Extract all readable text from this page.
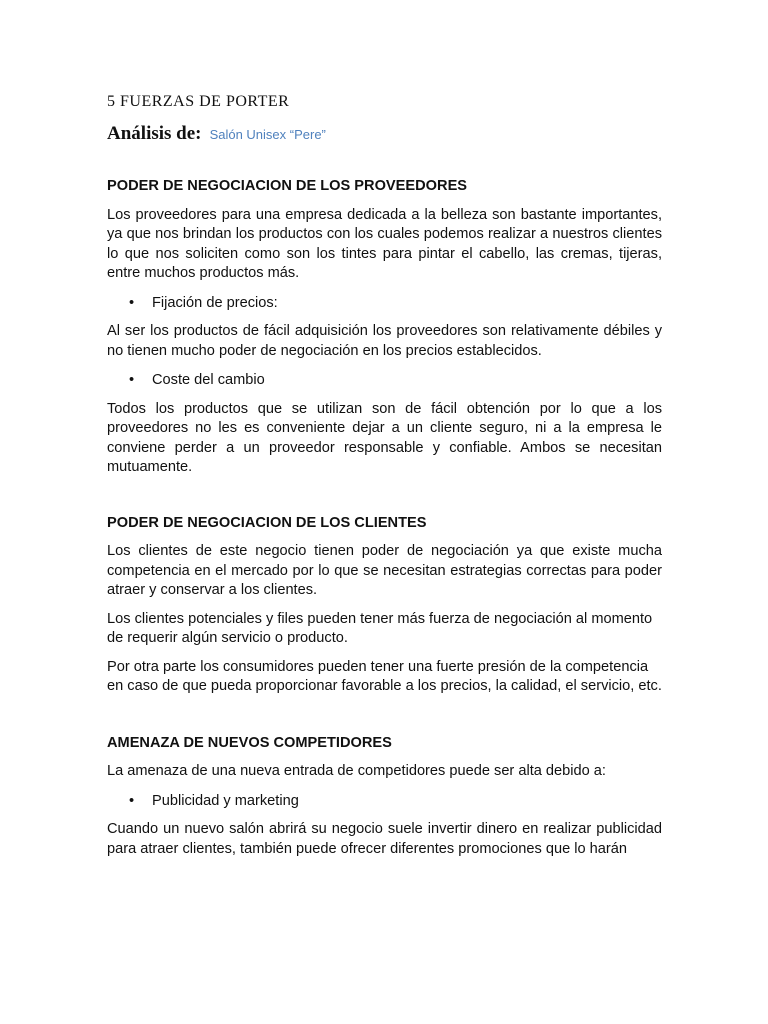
5 FUERZAS DE PORTER
Análisis de: Salón Unisex “Pere”
PODER DE NEGOCIACION DE LOS PROVEEDORES

Los proveedores para una empresa dedicada a la belleza son bastante importantes, ya que nos brindan los productos con los cuales podemos realizar a nuestros clientes lo que nos soliciten como son los tintes para pintar el cabello, las cremas, tijeras, entre muchos productos más.

• Fijación de precios:

Al ser los productos de fácil adquisición los proveedores son relativamente débiles y no tienen mucho poder de negociación en los precios establecidos.

• Coste del cambio

Todos los productos que se utilizan son de fácil obtención por lo que a los proveedores no les es conveniente dejar a un cliente seguro, ni a la empresa le conviene perder a un proveedor responsable y confiable. Ambos se necesitan mutuamente.

PODER DE NEGOCIACION DE LOS CLIENTES

Los clientes de este negocio tienen poder de negociación ya que existe mucha competencia en el mercado por lo que se necesitan estrategias correctas para poder atraer y conservar a los clientes.

Los clientes potenciales y files pueden tener más fuerza de negociación al momento de requerir algún servicio o producto.

Por otra parte los consumidores pueden tener una fuerte presión de la competencia en caso de que pueda proporcionar favorable a los precios, la calidad, el servicio, etc.

AMENAZA DE NUEVOS COMPETIDORES

La amenaza de una nueva entrada de competidores puede ser alta debido a:

• Publicidad y marketing

Cuando un nuevo salón abrirá su negocio suele invertir dinero en realizar publicidad para atraer clientes, también puede ofrecer diferentes promociones que lo harán
